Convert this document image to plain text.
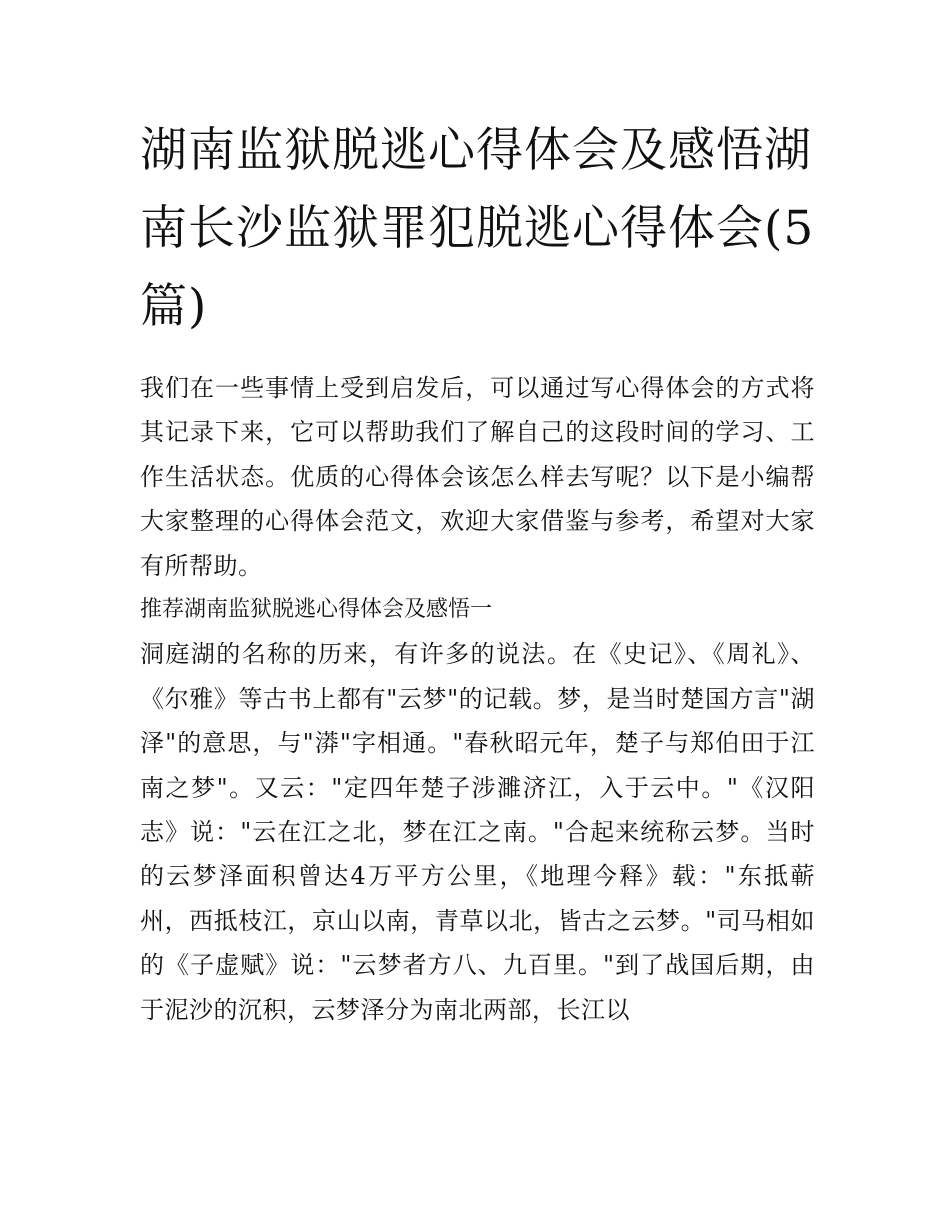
湖南监狱脱逃心得体会及感悟湖南长沙监狱罪犯脱逃心得体会(5篇)

我们在一些事情上受到启发后，可以通过写心得体会的方式将其记录下来，它可以帮助我们了解自己的这段时间的学习、工作生活状态。优质的心得体会该怎么样去写呢？以下是小编帮大家整理的心得体会范文，欢迎大家借鉴与参考，希望对大家有所帮助。

推荐湖南监狱脱逃心得体会及感悟一

洞庭湖的名称的历来，有许多的说法。在《史记》、《周礼》、《尔雅》等古书上都有"云梦"的记载。梦，是当时楚国方言"湖泽"的意思，与"漭"字相通。"春秋昭元年，楚子与郑伯田于江南之梦"。又云："定四年楚子涉濉济江，入于云中。"《汉阳志》说："云在江之北，梦在江之南。"合起来统称云梦。当时的云梦泽面积曾达4万平方公里，《地理今释》载："东抵蕲州，西抵枝江，京山以南，青草以北，皆古之云梦。"司马相如的《子虚赋》说："云梦者方八、九百里。"到了战国后期，由于泥沙的沉积，云梦泽分为南北两部，长江以
